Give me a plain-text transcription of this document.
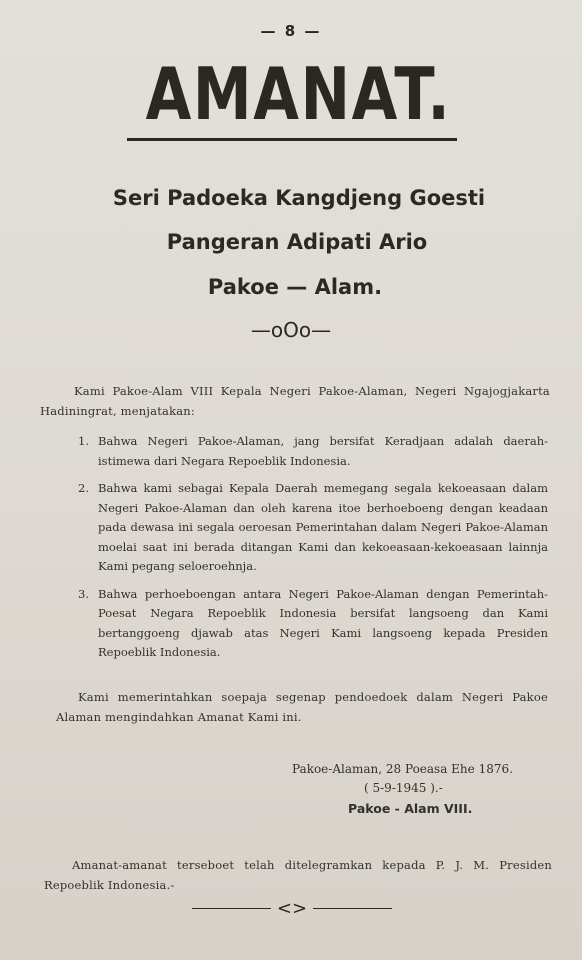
— 8 —
AMANAT.
Seri Padoeka Kangdjeng Goesti
Pangeran Adipati Ario
Pakoe — Alam.
—oOo—
Kami Pakoe-Alam VIII Kepala Negeri Pakoe-Alaman, Negeri Ngajogjakarta Hadiningrat, menjatakan:
1. Bahwa Negeri Pakoe-Alaman, jang bersifat Keradjaan adalah daerah-istimewa dari Negara Repoeblik Indonesia.
2. Bahwa kami sebagai Kepala Daerah memegang segala kekoeasaan dalam Negeri Pakoe-Alaman dan oleh karena itoe berhoeboeng dengan keadaan pada dewasa ini segala oeroesan Pemerintahan dalam Negeri Pakoe-Alaman moelai saat ini berada ditangan Kami dan kekoeasaan-kekoeasaan lainnja Kami pegang seloeroehnja.
3. Bahwa perhoeboengan antara Negeri Pakoe-Alaman dengan Pemerintah-Poesat Negara Repoeblik Indonesia bersifat langsoeng dan Kami bertanggoeng djawab atas Negeri Kami langsoeng kepada Presiden Repoeblik Indonesia.
Kami memerintahkan soepaja segenap pendoedoek dalam Negeri Pakoe Alaman mengindahkan Amanat Kami ini.
Pakoe-Alaman, 28 Poeasa Ehe 1876.
( 5-9-1945 ).-
Pakoe - Alam VIII.
Amanat-amanat terseboet telah ditelegramkan kepada P. J. M. Presiden Repoeblik Indonesia.-
<>
